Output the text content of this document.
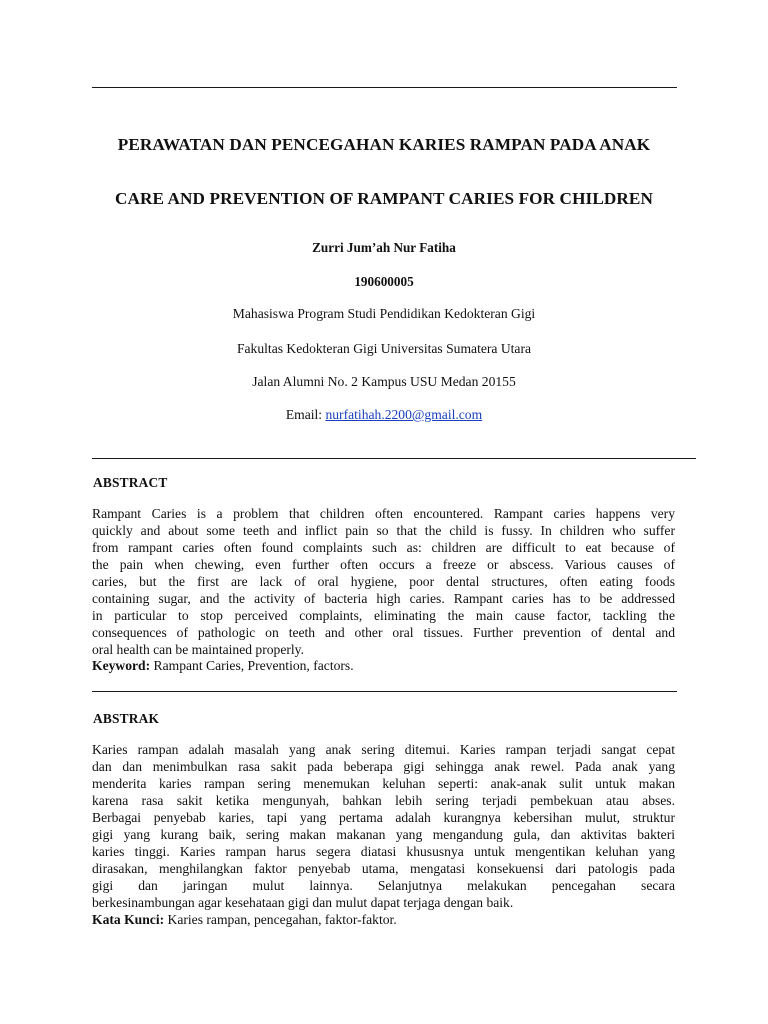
PERAWATAN DAN PENCEGAHAN KARIES RAMPAN PADA ANAK
CARE AND PREVENTION OF RAMPANT CARIES FOR CHILDREN
Zurri Jum’ah Nur Fatiha
190600005
Mahasiswa Program Studi Pendidikan Kedokteran Gigi
Fakultas Kedokteran Gigi Universitas Sumatera Utara
Jalan Alumni No. 2 Kampus USU Medan 20155
Email: nurfatihah.2200@gmail.com
ABSTRACT
Rampant Caries is a problem that children often encountered. Rampant caries happens very
quickly and about some teeth and inflict pain so that the child is fussy. In children who suffer
from rampant caries often found complaints such as: children are difficult to eat because of
the pain when chewing, even further often occurs a freeze or abscess. Various causes of
caries, but the first are lack of oral hygiene, poor dental structures, often eating foods
containing sugar, and the activity of bacteria high caries. Rampant caries has to be addressed
in particular to stop perceived complaints, eliminating the main cause factor, tackling the
consequences of pathologic on teeth and other oral tissues. Further prevention of dental and
oral health can be maintained properly.
Keyword: Rampant Caries, Prevention, factors.
ABSTRAK
Karies rampan adalah masalah yang anak sering ditemui. Karies rampan terjadi sangat cepat
dan dan menimbulkan rasa sakit pada beberapa gigi sehingga anak rewel. Pada anak yang
menderita karies rampan sering menemukan keluhan seperti: anak-anak sulit untuk makan
karena rasa sakit ketika mengunyah, bahkan lebih sering terjadi pembekuan atau abses.
Berbagai penyebab karies, tapi yang pertama adalah kurangnya kebersihan mulut, struktur
gigi yang kurang baik, sering makan makanan yang mengandung gula, dan aktivitas bakteri
karies tinggi. Karies rampan harus segera diatasi khususnya untuk mengentikan keluhan yang
dirasakan, menghilangkan faktor penyebab utama, mengatasi konsekuensi dari patologis pada
gigi dan jaringan mulut lainnya. Selanjutnya melakukan pencegahan secara
berkesinambungan agar kesehataan gigi dan mulut dapat terjaga dengan baik.
Kata Kunci: Karies rampan, pencegahan, faktor-faktor.
